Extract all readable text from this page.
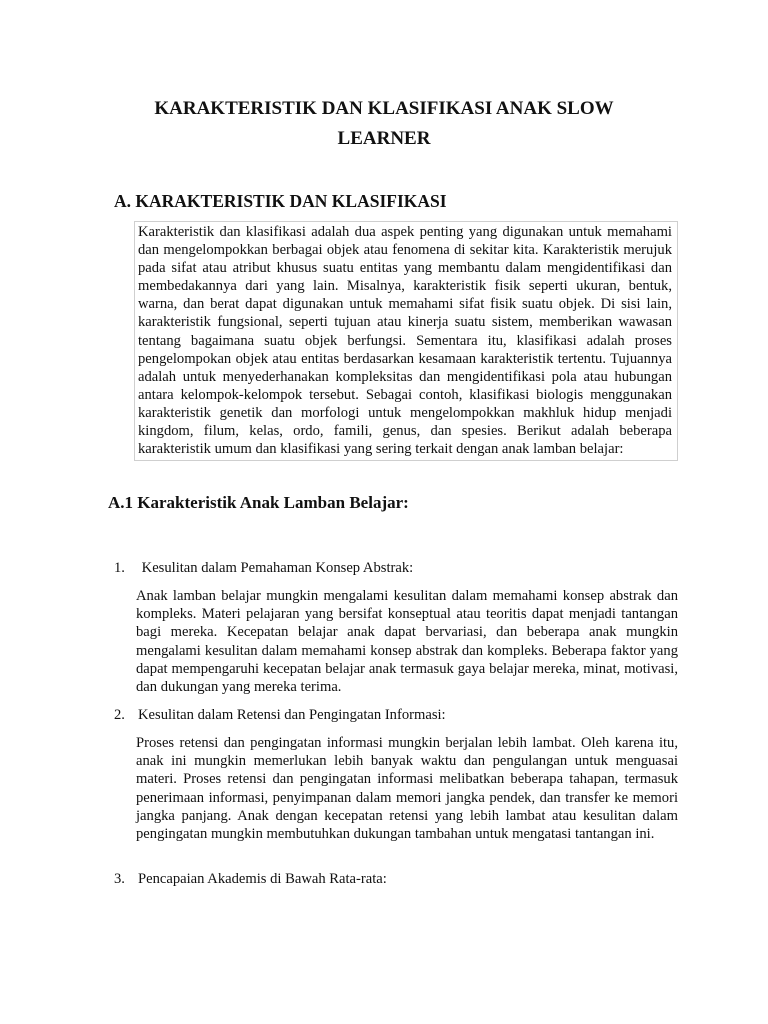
KARAKTERISTIK DAN KLASIFIKASI ANAK SLOW LEARNER
A. KARAKTERISTIK DAN KLASIFIKASI
Karakteristik dan klasifikasi adalah dua aspek penting yang digunakan untuk memahami dan mengelompokkan berbagai objek atau fenomena di sekitar kita. Karakteristik merujuk pada sifat atau atribut khusus suatu entitas yang membantu dalam mengidentifikasi dan membedakannya dari yang lain. Misalnya, karakteristik fisik seperti ukuran, bentuk, warna, dan berat dapat digunakan untuk memahami sifat fisik suatu objek. Di sisi lain, karakteristik fungsional, seperti tujuan atau kinerja suatu sistem, memberikan wawasan tentang bagaimana suatu objek berfungsi. Sementara itu, klasifikasi adalah proses pengelompokan objek atau entitas berdasarkan kesamaan karakteristik tertentu. Tujuannya adalah untuk menyederhanakan kompleksitas dan mengidentifikasi pola atau hubungan antara kelompok-kelompok tersebut. Sebagai contoh, klasifikasi biologis menggunakan karakteristik genetik dan morfologi untuk mengelompokkan makhluk hidup menjadi kingdom, filum, kelas, ordo, famili, genus, dan spesies. Berikut adalah beberapa karakteristik umum dan klasifikasi yang sering terkait dengan anak lamban belajar:
A.1 Karakteristik Anak Lamban Belajar:
1. Kesulitan dalam Pemahaman Konsep Abstrak:
Anak lamban belajar mungkin mengalami kesulitan dalam memahami konsep abstrak dan kompleks. Materi pelajaran yang bersifat konseptual atau teoritis dapat menjadi tantangan bagi mereka. Kecepatan belajar anak dapat bervariasi, dan beberapa anak mungkin mengalami kesulitan dalam memahami konsep abstrak dan kompleks. Beberapa faktor yang dapat mempengaruhi kecepatan belajar anak termasuk gaya belajar mereka, minat, motivasi, dan dukungan yang mereka terima.
2. Kesulitan dalam Retensi dan Pengingatan Informasi:
Proses retensi dan pengingatan informasi mungkin berjalan lebih lambat. Oleh karena itu, anak ini mungkin memerlukan lebih banyak waktu dan pengulangan untuk menguasai materi. Proses retensi dan pengingatan informasi melibatkan beberapa tahapan, termasuk penerimaan informasi, penyimpanan dalam memori jangka pendek, dan transfer ke memori jangka panjang. Anak dengan kecepatan retensi yang lebih lambat atau kesulitan dalam pengingatan mungkin membutuhkan dukungan tambahan untuk mengatasi tantangan ini.
3. Pencapaian Akademis di Bawah Rata-rata:
